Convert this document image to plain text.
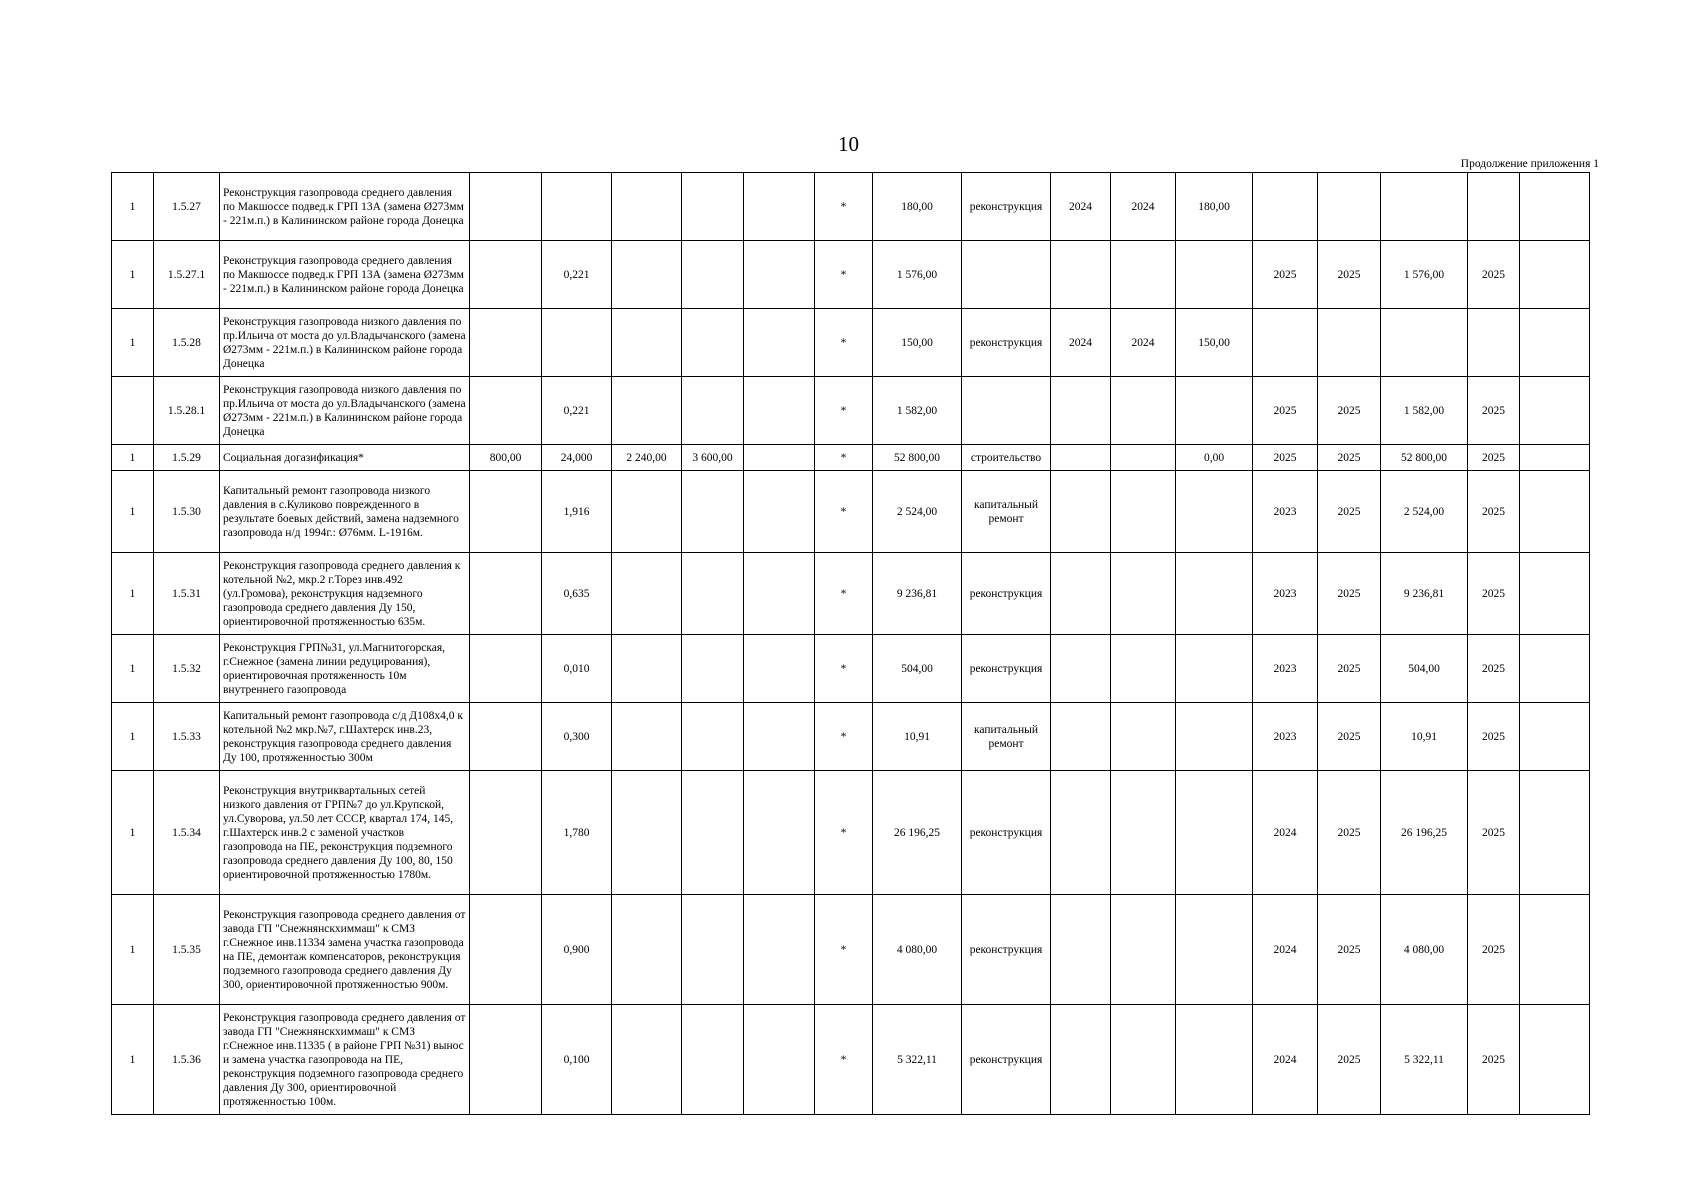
10
Продолжение приложения 1
1	1.5.27	Реконструкция газопровода среднего давления по Макшоссе подвед.к ГРП 13А (замена Ø273мм - 221м.п.) в Калининском районе города Донецка						*	180,00	реконструкция	2024	2024	180,00					
1	1.5.27.1	Реконструкция газопровода среднего давления по Макшоссе подвед.к ГРП 13А (замена Ø273мм - 221м.п.) в Калининском районе города Донецка		0,221				*	1 576,00					2025	2025	1 576,00	2025	
1	1.5.28	Реконструкция газопровода низкого давления по пр.Ильича от моста до ул.Владычанского (замена Ø273мм - 221м.п.) в Калининском районе города Донецка						*	150,00	реконструкция	2024	2024	150,00					
	1.5.28.1	Реконструкция газопровода низкого давления по пр.Ильича от моста до ул.Владычанского (замена Ø273мм - 221м.п.) в Калининском районе города Донецка		0,221				*	1 582,00					2025	2025	1 582,00	2025	
1	1.5.29	Социальная догазификация*	800,00	24,000	2 240,00	3 600,00		*	52 800,00	строительство			0,00	2025	2025	52 800,00	2025	
1	1.5.30	Капитальный ремонт газопровода низкого давления в с.Куликово поврежденного в результате боевых действий, замена надземного газопровода н/д 1994г.: Ø76мм. L-1916м.		1,916				*	2 524,00	капитальный ремонт				2023	2025	2 524,00	2025	
1	1.5.31	Реконструкция газопровода среднего давления к котельной №2, мкр.2 г.Торез инв.492 (ул.Громова), реконструкция надземного газопровода среднего давления Ду 150, ориентировочной протяженностью 635м.		0,635				*	9 236,81	реконструкция				2023	2025	9 236,81	2025	
1	1.5.32	Реконструкция ГРП№31, ул.Магнитогорская, г.Снежное (замена линии редуцирования), ориентировочная протяженность 10м внутреннего газопровода		0,010				*	504,00	реконструкция				2023	2025	504,00	2025	
1	1.5.33	Капитальный ремонт газопровода с/д Д108х4,0 к котельной №2 мкр.№7, г.Шахтерск инв.23, реконструкция газопровода среднего давления Ду 100, протяженностью 300м		0,300				*	10,91	капитальный ремонт				2023	2025	10,91	2025	
1	1.5.34	Реконструкция внутриквартальных сетей низкого давления от ГРП№7 до ул.Крупской, ул.Суворова, ул.50 лет СССР, квартал 174, 145, г.Шахтерск инв.2 с заменой участков газопровода на ПЕ, реконструкция подземного газопровода среднего давления Ду 100, 80, 150 ориентировочной протяженностью 1780м.		1,780				*	26 196,25	реконструкция				2024	2025	26 196,25	2025	
1	1.5.35	Реконструкция газопровода среднего давления от завода ГП "Снежнянскхиммаш" к СМЗ г.Снежное инв.11334 замена участка газопровода на ПЕ, демонтаж компенсаторов, реконструкция подземного газопровода среднего давления Ду 300, ориентировочной протяженностью 900м.		0,900				*	4 080,00	реконструкция				2024	2025	4 080,00	2025	
1	1.5.36	Реконструкция газопровода среднего давления от завода ГП "Снежнянскхиммаш" к СМЗ г.Снежное инв.11335 ( в районе ГРП №31) вынос и замена участка газопровода на ПЕ, реконструкция подземного газопровода среднего давления Ду 300, ориентировочной протяженностью 100м.		0,100				*	5 322,11	реконструкция				2024	2025	5 322,11	2025	
